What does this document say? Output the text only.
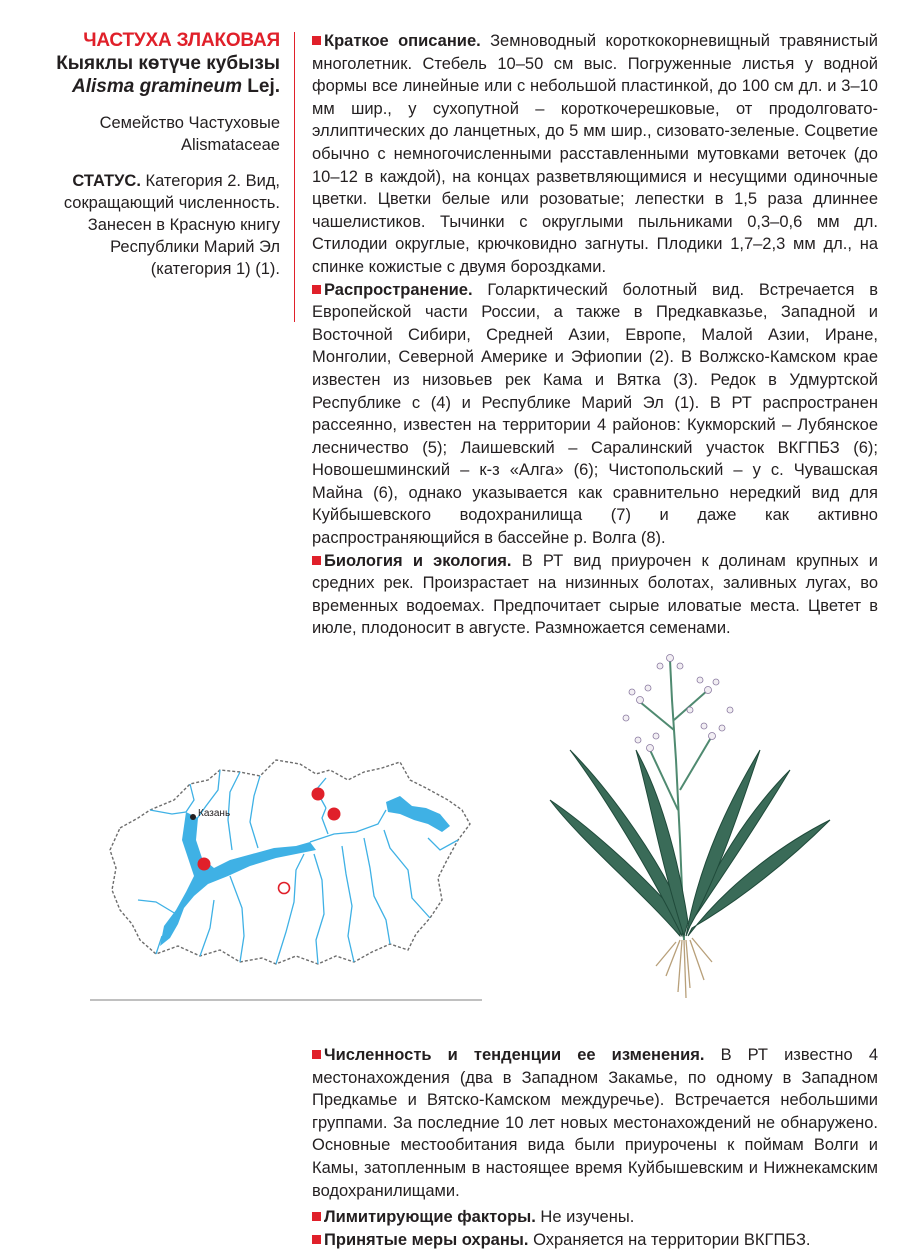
ЧАСТУХА ЗЛАКОВАЯ
Кыяклы кѳтүче кубызы
Alisma gramineum Lej.
Семейство Частуховые
Alismataceae
СТАТУС. Категория 2. Вид, сокращающий численность. Занесен в Красную книгу Республики Марий Эл (категория 1) (1).

Краткое описание. Земноводный короткокорневищный травянистый многолетник. Стебель 10–50 см выс. Погруженные листья у водной формы все линейные или с небольшой пластинкой, до 100 см дл. и 3–10 мм шир., у сухопутной – короткочерешковые, от продолговато-эллиптических до ланцетных, до 5 мм шир., сизовато-зеленые. Соцветие обычно с немногочисленными расставленными мутовками веточек (до 10–12 в каждой), на концах разветвляющимися и несущими одиночные цветки. Цветки белые или розоватые; лепестки в 1,5 раза длиннее чашелистиков. Тычинки с округлыми пыльниками 0,3–0,6 мм дл. Стилодии округлые, крючковидно загнуты. Плодики 1,7–2,3 мм дл., на спинке кожистые с двумя бороздками.

Распространение. Голарктический болотный вид. Встречается в Европейской части России, а также в Предкавказье, Западной и Восточной Сибири, Средней Азии, Европе, Малой Азии, Иране, Монголии, Северной Америке и Эфиопии (2). В Волжско-Камском крае известен из низовьев рек Кама и Вятка (3). Редок в Удмуртской Республике с (4) и Республике Марий Эл (1). В РТ распространен рассеянно, известен на территории 4 районов: Кукморский – Лубянское лесничество (5); Лаишевский – Саралинский участок ВКГПБЗ (6); Новошешминский – к-з «Алга» (6); Чистопольский – у с. Чувашская Майна (6), однако указывается как сравнительно нередкий вид для Куйбышевского водохранилища (7) и даже как активно распространяющийся в бассейне р. Волга (8).

Биология и экология. В РТ вид приурочен к долинам крупных и средних рек. Произрастает на низинных болотах, заливных лугах, во временных водоемах. Предпочитает сырые иловатые места. Цветет в июле, плодоносит в августе. Размножается семенами.

Казань

Численность и тенденции ее изменения. В РТ известно 4 местонахождения (два в Западном Закамье, по одному в Западном Предкамье и Вятско-Камском междуречье). Встречается небольшими группами. За последние 10 лет новых местонахождений не обнаружено. Основные местообитания вида были приурочены к поймам Волги и Камы, затопленным в настоящее время Куйбышевским и Нижнекамским водохранилищами.

Лимитирующие факторы. Не изучены.

Принятые меры охраны. Охраняется на территории ВКГПБЗ.
